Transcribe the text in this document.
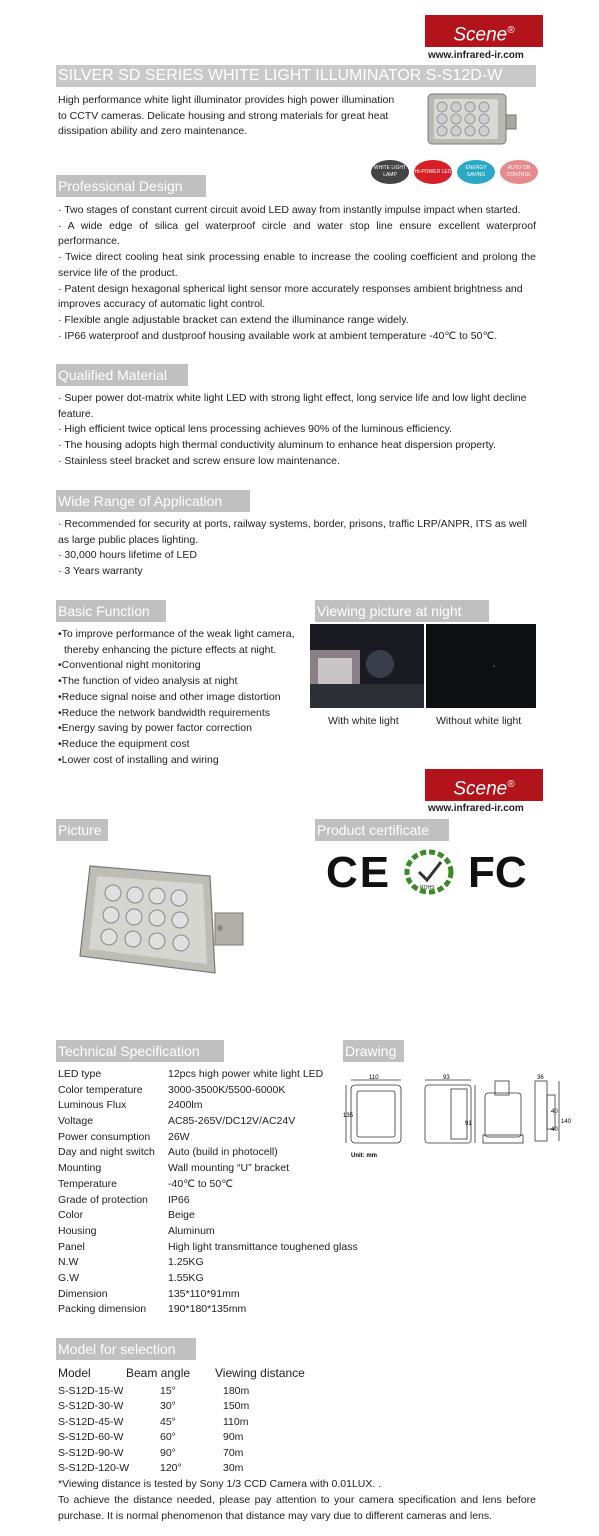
Scene®
www.infrared-ir.com
SILVER SD SERIES WHITE LIGHT ILLUMINATOR S-S12D-W
High performance white light illuminator provides high power illumination to CCTV cameras. Delicate housing and strong materials for great heat dissipation ability and zero maintenance.
WHITE LIGHT LAMP
HI-POWER LED
ENERGY SAVING
AUTO ON CONTROL
Professional Design
· Two stages of constant current circuit avoid LED away from instantly impulse impact when started.
· A wide edge of silica gel waterproof circle and water stop line ensure excellent waterproof performance.
· Twice direct cooling heat sink processing enable to increase the cooling coefficient and prolong the service life of the product.
· Patent design hexagonal spherical light sensor more accurately responses ambient brightness and improves accuracy of automatic light control.
· Flexible angle adjustable bracket can extend the illuminance range widely.
· IP66 waterproof and dustproof housing available work at ambient temperature -40℃ to 50℃.
Qualified Material
· Super power dot-matrix white light LED with strong light effect, long service life and low light decline feature.
· High efficient twice optical lens processing achieves 90% of the luminous efficiency.
· The housing adopts high thermal conductivity aluminum to enhance heat dispersion property.
· Stainless steel bracket and screw ensure low maintenance.
Wide Range of Application
· Recommended for security at ports, railway systems, border, prisons, traffic LRP/ANPR, ITS as well as large public places lighting.
· 30,000 hours lifetime of LED
· 3 Years warranty
Basic Function
•To improve performance of the weak light camera,
thereby enhancing the picture effects at night.
•Conventional night monitoring
•The function of video analysis at night
•Reduce signal noise and other image distortion
•Reduce the network bandwidth requirements
•Energy saving by power factor correction
•Reduce the equipment cost
•Lower cost of installing and wiring
Viewing picture at night
With white light	Without white light
Scene®
www.infrared-ir.com
Picture	Product certificate
CE	ROHS FC
Technical Specification
LED type	12pcs high power white light LED
Color temperature 3000-3500K/5500-6000K
Luminous Flux	2400lm
Voltage	AC85-265V/DC12V/AC24V
Power consumption 26W
Day and night switch Auto (build in photocell)
Mounting	Wall mounting “U” bracket
Temperature	-40℃ to 50℃
Grade of protection IP66
Color	Beige
Housing	Aluminum
Panel	High light transmittance toughened glass
N.W	1.25KG
G.W	1.55KG
Dimension	135*110*91mm
Packing dimension 190*180*135mm
Drawing
110
135
93
91
36
40
40
140
Unit: mm
Model for selection
Model	Beam angle Viewing distance
S-S12D-15-W	15°	180m
S-S12D-30-W	30°	150m
S-S12D-45-W	45°	110m
S-S12D-60-W	60°	90m
S-S12D-90-W	90°	70m
S-S12D-120-W	120°	30m
*Viewing distance is tested by Sony 1/3 CCD Camera with 0.01LUX. .
To achieve the distance needed, please pay attention to your camera specification and lens before purchase. It is normal phenomenon that distance may vary due to different cameras and lens.
